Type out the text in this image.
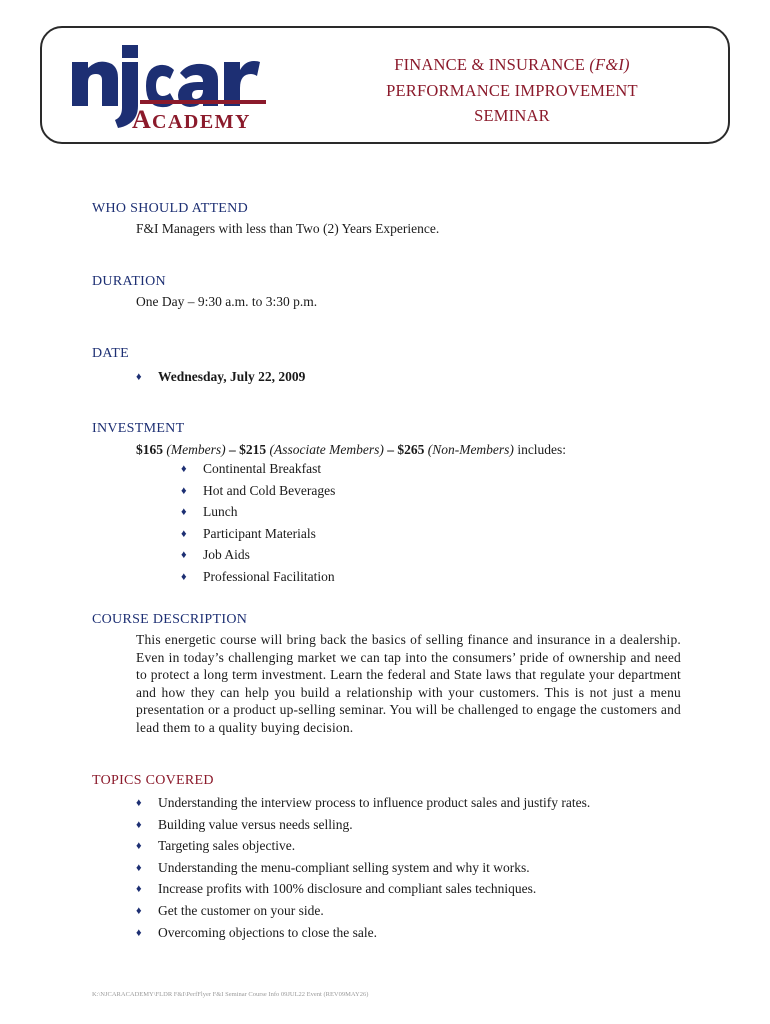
A CADEMY
FINANCE & INSURANCE (F&I)
PERFORMANCE IMPROVEMENT
SEMINAR
WHO SHOULD ATTEND
F&I Managers with less than Two (2) Years Experience.
DURATION
One Day – 9:30 a.m. to 3:30 p.m.
DATE
♦ Wednesday, July 22, 2009
INVESTMENT
$165 (Members) – $215 (Associate Members) – $265 (Non-Members) includes:
♦ Continental Breakfast
♦ Hot and Cold Beverages
♦ Lunch
♦ Participant Materials
♦ Job Aids
♦ Professional Facilitation
COURSE DESCRIPTION
This energetic course will bring back the basics of selling finance and insurance in a dealership. Even in today’s challenging market we can tap into the consumers’ pride of ownership and need to protect a long term investment. Learn the federal and State laws that regulate your department and how they can help you build a relationship with your customers. This is not just a menu presentation or a product up-selling seminar. You will be challenged to engage the customers and lead them to a quality buying decision.
TOPICS COVERED
♦ Understanding the interview process to influence product sales and justify rates.
♦ Building value versus needs selling.
♦ Targeting sales objective.
♦ Understanding the menu-compliant selling system and why it works.
♦ Increase profits with 100% disclosure and compliant sales techniques.
♦ Get the customer on your side.
♦ Overcoming objections to close the sale.
K:\NJCARACADEMY\FLDR F&I\PerfFlyer F&I Seminar Course Info 09JUL22 Event (REV09MAY26)
